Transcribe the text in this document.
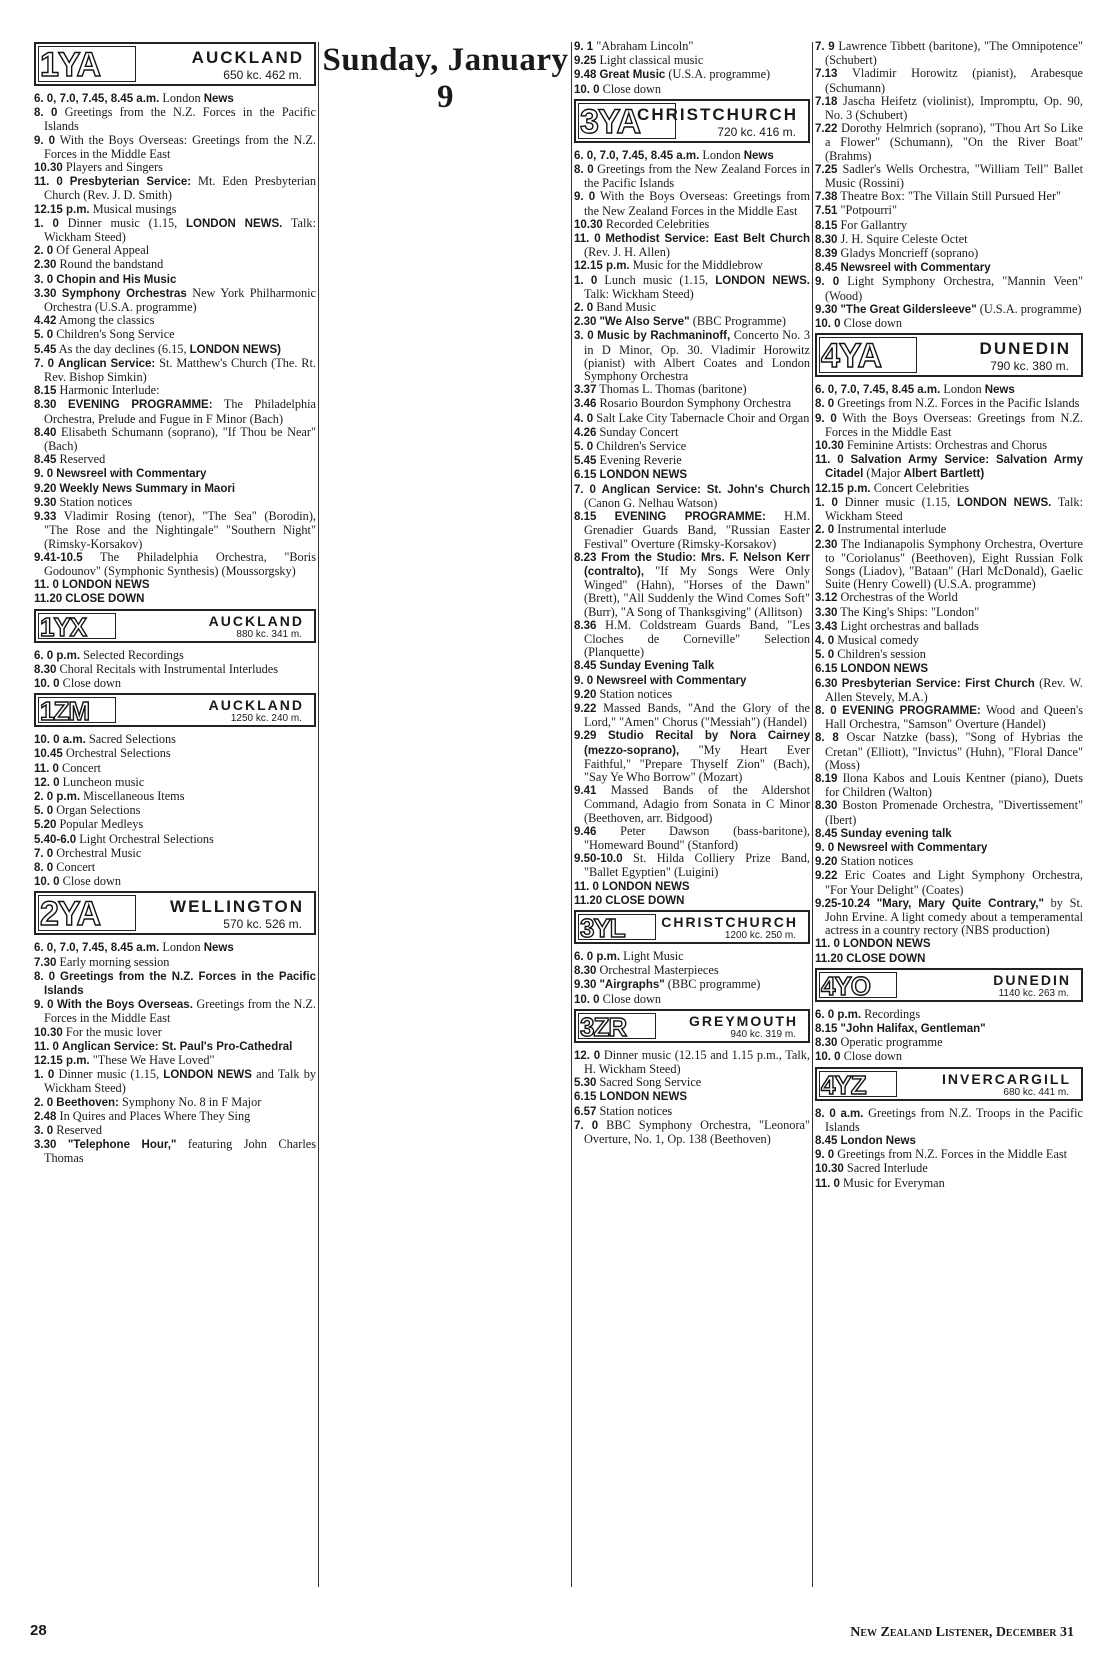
Sunday, January 9
1YA	AUCKLAND
650 kc. 462 m.

6. 0, 7.0, 7.45, 8.45 a.m. London News

8. 0 Greetings from the N.Z. Forces in the Pacific Islands

9. 0 With the Boys Overseas: Greetings from the N.Z. Forces in the Middle East

10.30 Players and Singers

11. 0 Presbyterian Service: Mt. Eden Presbyterian Church (Rev. J. D. Smith)

12.15 p.m. Musical musings

1. 0 Dinner music (1.15, LONDON NEWS. Talk: Wickham Steed)

2. 0 Of General Appeal

2.30 Round the bandstand

3. 0 Chopin and His Music

3.30 Symphony Orchestras New York Philharmonic Orchestra (U.S.A. programme)

4.42 Among the classics

5. 0 Children's Song Service

5.45 As the day declines (6.15, LONDON NEWS)

7. 0 Anglican Service: St. Matthew's Church (The. Rt. Rev. Bishop Simkin)

8.15 Harmonic Interlude:

8.30 EVENING PROGRAMME: The Philadelphia Orchestra, Prelude and Fugue in F Minor (Bach)

8.40 Elisabeth Schumann (soprano), "If Thou be Near" (Bach)

8.45 Reserved

9. 0 Newsreel with Commentary

9.20 Weekly News Summary in Maori

9.30 Station notices

9.33 Vladimir Rosing (tenor), "The Sea" (Borodin), "The Rose and the Nightingale" "Southern Night" (Rimsky-Korsakov)

9.41-10.5 The Philadelphia Orchestra, "Boris Godounov" (Symphonic Synthesis) (Moussorgsky)

11. 0 LONDON NEWS

11.20 CLOSE DOWN

1YX	AUCKLAND
880 kc. 341 m.

6. 0 p.m. Selected Recordings

8.30 Choral Recitals with Instrumental Interludes

10. 0 Close down

1ZM	AUCKLAND
1250 kc. 240 m.

10. 0 a.m. Sacred Selections

10.45 Orchestral Selections

11. 0 Concert

12. 0 Luncheon music

2. 0 p.m. Miscellaneous Items

5. 0 Organ Selections

5.20 Popular Medleys

5.40-6.0 Light Orchestral Selections

7. 0 Orchestral Music

8. 0 Concert

10. 0 Close down

2YA	WELLINGTON
570 kc. 526 m.

6. 0, 7.0, 7.45, 8.45 a.m. London News

7.30 Early morning session

8. 0 Greetings from the N.Z. Forces in the Pacific Islands

9. 0 With the Boys Overseas. Greetings from the N.Z. Forces in the Middle East

10.30 For the music lover

11. 0 Anglican Service: St. Paul's Pro-Cathedral

12.15 p.m. "These We Have Loved"

1. 0 Dinner music (1.15, LONDON NEWS and Talk by Wickham Steed)

2. 0 Beethoven: Symphony No. 8 in F Major

2.48 In Quires and Places Where They Sing

3. 0 Reserved

3.30 "Telephone Hour," featuring John Charles Thomas

9. 1 "Abraham Lincoln"

9.25 Light classical music

9.48 Great Music (U.S.A. programme)

10. 0 Close down

3YA
CHRISTCHURCH
720 kc. 416 m.

6. 0, 7.0, 7.45, 8.45 a.m. London News

8. 0 Greetings from the New Zealand Forces in the Pacific Islands

9. 0 With the Boys Overseas: Greetings from the New Zealand Forces in the Middle East

10.30 Recorded Celebrities

11. 0 Methodist Service: East Belt Church (Rev. J. H. Allen)

12.15 p.m. Music for the Middlebrow

1. 0 Lunch music (1.15, LONDON NEWS. Talk: Wickham Steed)

2. 0 Band Music

2.30 "We Also Serve" (BBC Programme)

3. 0 Music by Rachmaninoff, Concerto No. 3 in D Minor, Op. 30. Vladimir Horowitz (pianist) with Albert Coates and London Symphony Orchestra

3.37 Thomas L. Thomas (baritone)

3.46 Rosario Bourdon Symphony Orchestra

4. 0 Salt Lake City Tabernacle Choir and Organ

4.26 Sunday Concert

5. 0 Children's Service

5.45 Evening Reverie

6.15 LONDON NEWS

7. 0 Anglican Service: St. John's Church (Canon G. Nelhau Watson)

8.15 EVENING PROGRAMME: H.M. Grenadier Guards Band, "Russian Easter Festival" Overture (Rimsky-Korsakov)

8.23 From the Studio: Mrs. F. Nelson Kerr (contralto), "If My Songs Were Only Winged" (Hahn), "Horses of the Dawn" (Brett), "All Suddenly the Wind Comes Soft" (Burr), "A Song of Thanksgiving" (Allitson)

8.36 H.M. Coldstream Guards Band, "Les Cloches de Corneville" Selection (Planquette)

8.45 Sunday Evening Talk

9. 0 Newsreel with Commentary

9.20 Station notices

9.22 Massed Bands, "And the Glory of the Lord," "Amen" Chorus ("Messiah") (Handel)

9.29 Studio Recital by Nora Cairney (mezzo-soprano), "My Heart Ever Faithful," "Prepare Thyself Zion" (Bach), "Say Ye Who Borrow" (Mozart)

9.41 Massed Bands of the Aldershot Command, Adagio from Sonata in C Minor (Beethoven, arr. Bidgood)

9.46 Peter Dawson (bass-baritone), "Homeward Bound" (Stanford)

9.50-10.0 St. Hilda Colliery Prize Band, "Ballet Egyptien" (Luigini)

11. 0 LONDON NEWS

11.20 CLOSE DOWN

3YL	CHRISTCHURCH
1200 kc. 250 m.

6. 0 p.m. Light Music

8.30 Orchestral Masterpieces

9.30 "Airgraphs" (BBC programme)

10. 0 Close down

3ZR	GREYMOUTH
940 kc. 319 m.

12. 0 Dinner music (12.15 and 1.15 p.m., Talk, H. Wickham Steed)

5.30 Sacred Song Service

6.15 LONDON NEWS

6.57 Station notices

7. 0 BBC Symphony Orchestra, "Leonora" Overture, No. 1, Op. 138 (Beethoven)

7. 9 Lawrence Tibbett (baritone), "The Omnipotence" (Schubert)

7.13 Vladimir Horowitz (pianist), Arabesque (Schumann)

7.18 Jascha Heifetz (violinist), Impromptu, Op. 90, No. 3 (Schubert)

7.22 Dorothy Helmrich (soprano), "Thou Art So Like a Flower" (Schumann), "On the River Boat" (Brahms)

7.25 Sadler's Wells Orchestra, "William Tell" Ballet Music (Rossini)

7.38 Theatre Box: "The Villain Still Pursued Her"

7.51 "Potpourri"

8.15 For Gallantry

8.30 J. H. Squire Celeste Octet

8.39 Gladys Moncrieff (soprano)

8.45 Newsreel with Commentary

9. 0 Light Symphony Orchestra, "Mannin Veen" (Wood)

9.30 "The Great Gildersleeve" (U.S.A. programme)

10. 0 Close down

4YA	DUNEDIN
790 kc. 380 m.

6. 0, 7.0, 7.45, 8.45 a.m. London News

8. 0 Greetings from N.Z. Forces in the Pacific Islands

9. 0 With the Boys Overseas: Greetings from N.Z. Forces in the Middle East

10.30 Feminine Artists: Orchestras and Chorus

11. 0 Salvation Army Service: Salvation Army Citadel (Major Albert Bartlett)

12.15 p.m. Concert Celebrities

1. 0 Dinner music (1.15, LONDON NEWS. Talk: Wickham Steed

2. 0 Instrumental interlude

2.30 The Indianapolis Symphony Orchestra, Overture to "Coriolanus" (Beethoven), Eight Russian Folk Songs (Liadov), "Bataan" (Harl McDonald), Gaelic Suite (Henry Cowell) (U.S.A. programme)

3.12 Orchestras of the World

3.30 The King's Ships: "London"

3.43 Light orchestras and ballads

4. 0 Musical comedy

5. 0 Children's session

6.15 LONDON NEWS

6.30 Presbyterian Service: First Church (Rev. W. Allen Stevely, M.A.)

8. 0 EVENING PROGRAMME: Wood and Queen's Hall Orchestra, "Samson" Overture (Handel)

8. 8 Oscar Natzke (bass), "Song of Hybrias the Cretan" (Elliott), "Invictus" (Huhn), "Floral Dance" (Moss)

8.19 Ilona Kabos and Louis Kentner (piano), Duets for Children (Walton)

8.30 Boston Promenade Orchestra, "Divertissement" (Ibert)

8.45 Sunday evening talk

9. 0 Newsreel with Commentary

9.20 Station notices

9.22 Eric Coates and Light Symphony Orchestra, "For Your Delight" (Coates)

9.25-10.24 "Mary, Mary Quite Contrary," by St. John Ervine. A light comedy about a temperamental actress in a country rectory (NBS production)

11. 0 LONDON NEWS

11.20 CLOSE DOWN

4YO	DUNEDIN
1140 kc. 263 m.

6. 0 p.m. Recordings

8.15 "John Halifax, Gentleman"

8.30 Operatic programme

10. 0 Close down

4YZ	INVERCARGILL
680 kc. 441 m.

8. 0 a.m. Greetings from N.Z. Troops in the Pacific Islands

8.45 London News

9. 0 Greetings from N.Z. Forces in the Middle East

10.30 Sacred Interlude

11. 0 Music for Everyman

28	New Zealand Listener, December 31
